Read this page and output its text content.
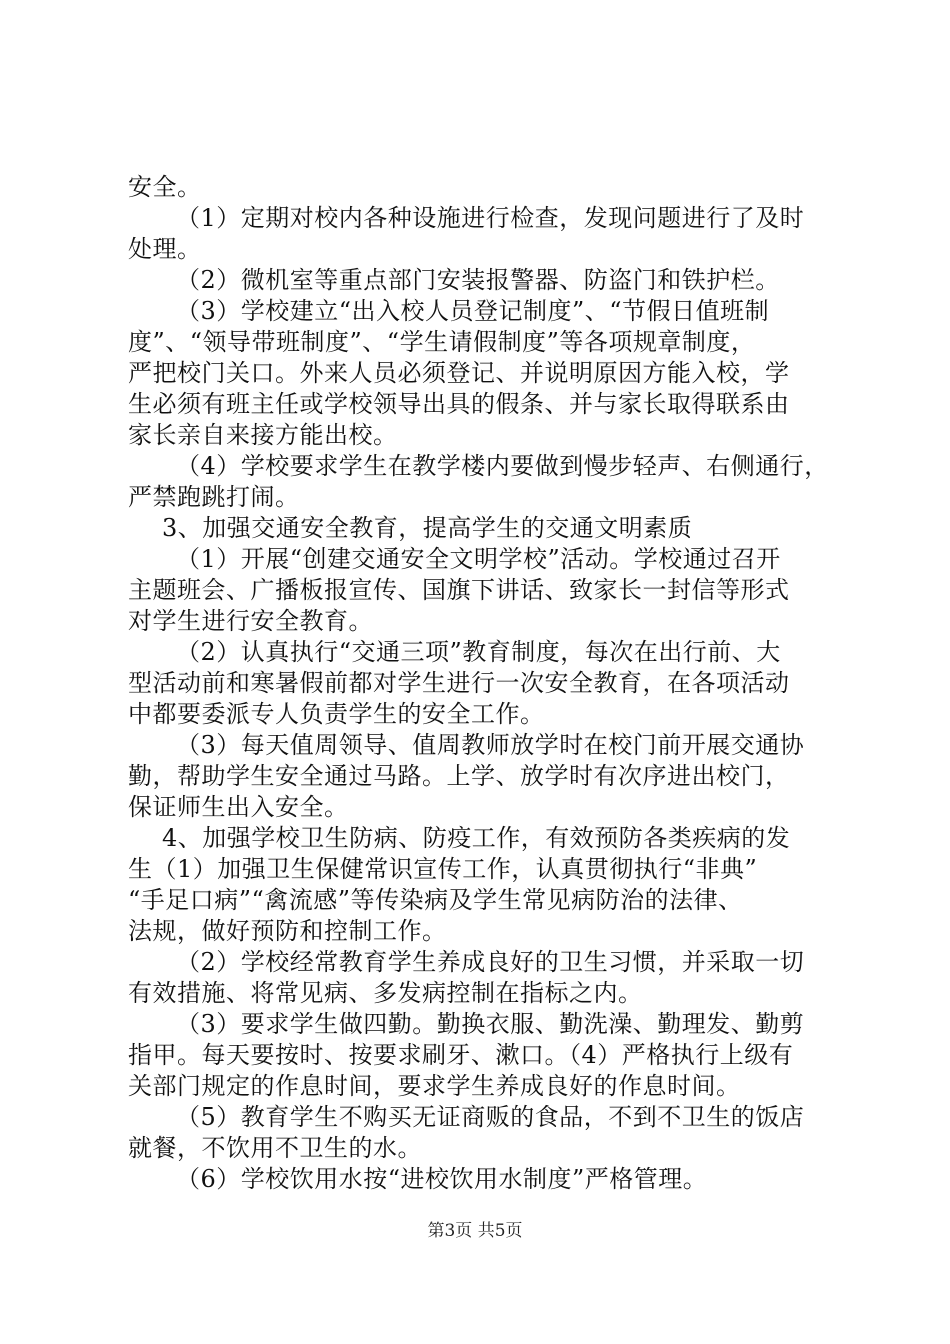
安全。
（1）定期对校内各种设施进行检查，发现问题进行了及时
处理。
（2）微机室等重点部门安装报警器、防盗门和铁护栏。
（3）学校建立“出入校人员登记制度”、“节假日值班制
度”、“领导带班制度”、“学生请假制度”等各项规章制度，
严把校门关口。外来人员必须登记、并说明原因方能入校，学
生必须有班主任或学校领导出具的假条、并与家长取得联系由
家长亲自来接方能出校。
（4）学校要求学生在教学楼内要做到慢步轻声、右侧通行，
严禁跑跳打闹。
3、加强交通安全教育，提高学生的交通文明素质
（1）开展“创建交通安全文明学校”活动。学校通过召开
主题班会、广播板报宣传、国旗下讲话、致家长一封信等形式
对学生进行安全教育。
（2）认真执行“交通三项”教育制度，每次在出行前、大
型活动前和寒暑假前都对学生进行一次安全教育，在各项活动
中都要委派专人负责学生的安全工作。
（3）每天值周领导、值周教师放学时在校门前开展交通协
勤，帮助学生安全通过马路。上学、放学时有次序进出校门，
保证师生出入安全。
4、加强学校卫生防病、防疫工作，有效预防各类疾病的发
生（1）加强卫生保健常识宣传工作，认真贯彻执行“非典”
“手足口病”“禽流感”等传染病及学生常见病防治的法律、
法规，做好预防和控制工作。
（2）学校经常教育学生养成良好的卫生习惯，并采取一切
有效措施、将常见病、多发病控制在指标之内。
（3）要求学生做四勤。勤换衣服、勤洗澡、勤理发、勤剪
指甲。每天要按时、按要求刷牙、漱口。（4）严格执行上级有
关部门规定的作息时间，要求学生养成良好的作息时间。
（5）教育学生不购买无证商贩的食品，不到不卫生的饭店
就餐，不饮用不卫生的水。
（6）学校饮用水按“进校饮用水制度”严格管理。
第3页 共5页
